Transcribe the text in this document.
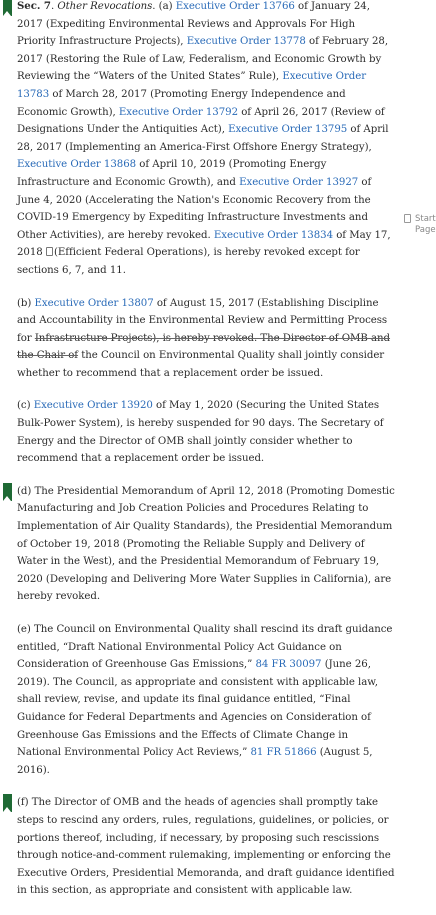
Sec. 7. Other Revocations. (a) Executive Order 13766 of January 24, 2017 (Expediting Environmental Reviews and Approvals For High Priority Infrastructure Projects), Executive Order 13778 of February 28, 2017 (Restoring the Rule of Law, Federalism, and Economic Growth by Reviewing the “Waters of the United States” Rule), Executive Order 13783 of March 28, 2017 (Promoting Energy Independence and Economic Growth), Executive Order 13792 of April 26, 2017 (Review of Designations Under the Antiquities Act), Executive Order 13795 of April 28, 2017 (Implementing an America-First Offshore Energy Strategy), Executive Order 13868 of April 10, 2019 (Promoting Energy Infrastructure and Economic Growth), and Executive Order 13927 of June 4, 2020 (Accelerating the Nation's Economic Recovery from the COVID-19 Emergency by Expediting Infrastructure Investments and Other Activities), are hereby revoked. Executive Order 13834 of May 17, 2018 (Efficient Federal Operations), is hereby revoked except for sections 6, 7, and 11.

(b) Executive Order 13807 of August 15, 2017 (Establishing Discipline and Accountability in the Environmental Review and Permitting Process for Infrastructure Projects), is hereby revoked. The Director of OMB and the Chair of the Council on Environmental Quality shall jointly consider whether to recommend that a replacement order be issued.

(c) Executive Order 13920 of May 1, 2020 (Securing the United States Bulk-Power System), is hereby suspended for 90 days. The Secretary of Energy and the Director of OMB shall jointly consider whether to recommend that a replacement order be issued.

(d) The Presidential Memorandum of April 12, 2018 (Promoting Domestic Manufacturing and Job Creation Policies and Procedures Relating to Implementation of Air Quality Standards), the Presidential Memorandum of October 19, 2018 (Promoting the Reliable Supply and Delivery of Water in the West), and the Presidential Memorandum of February 19, 2020 (Developing and Delivering More Water Supplies in California), are hereby revoked.

(e) The Council on Environmental Quality shall rescind its draft guidance entitled, “Draft National Environmental Policy Act Guidance on Consideration of Greenhouse Gas Emissions,” 84 FR 30097 (June 26, 2019). The Council, as appropriate and consistent with applicable law, shall review, revise, and update its final guidance entitled, “Final Guidance for Federal Departments and Agencies on Consideration of Greenhouse Gas Emissions and the Effects of Climate Change in National Environmental Policy Act Reviews,” 81 FR 51866 (August 5, 2016).

(f) The Director of OMB and the heads of agencies shall promptly take steps to rescind any orders, rules, regulations, guidelines, or policies, or portions thereof, including, if necessary, by proposing such rescissions through notice-and-comment rulemaking, implementing or enforcing the Executive Orders, Presidential Memoranda, and draft guidance identified in this section, as appropriate and consistent with applicable law.

Start
Page
